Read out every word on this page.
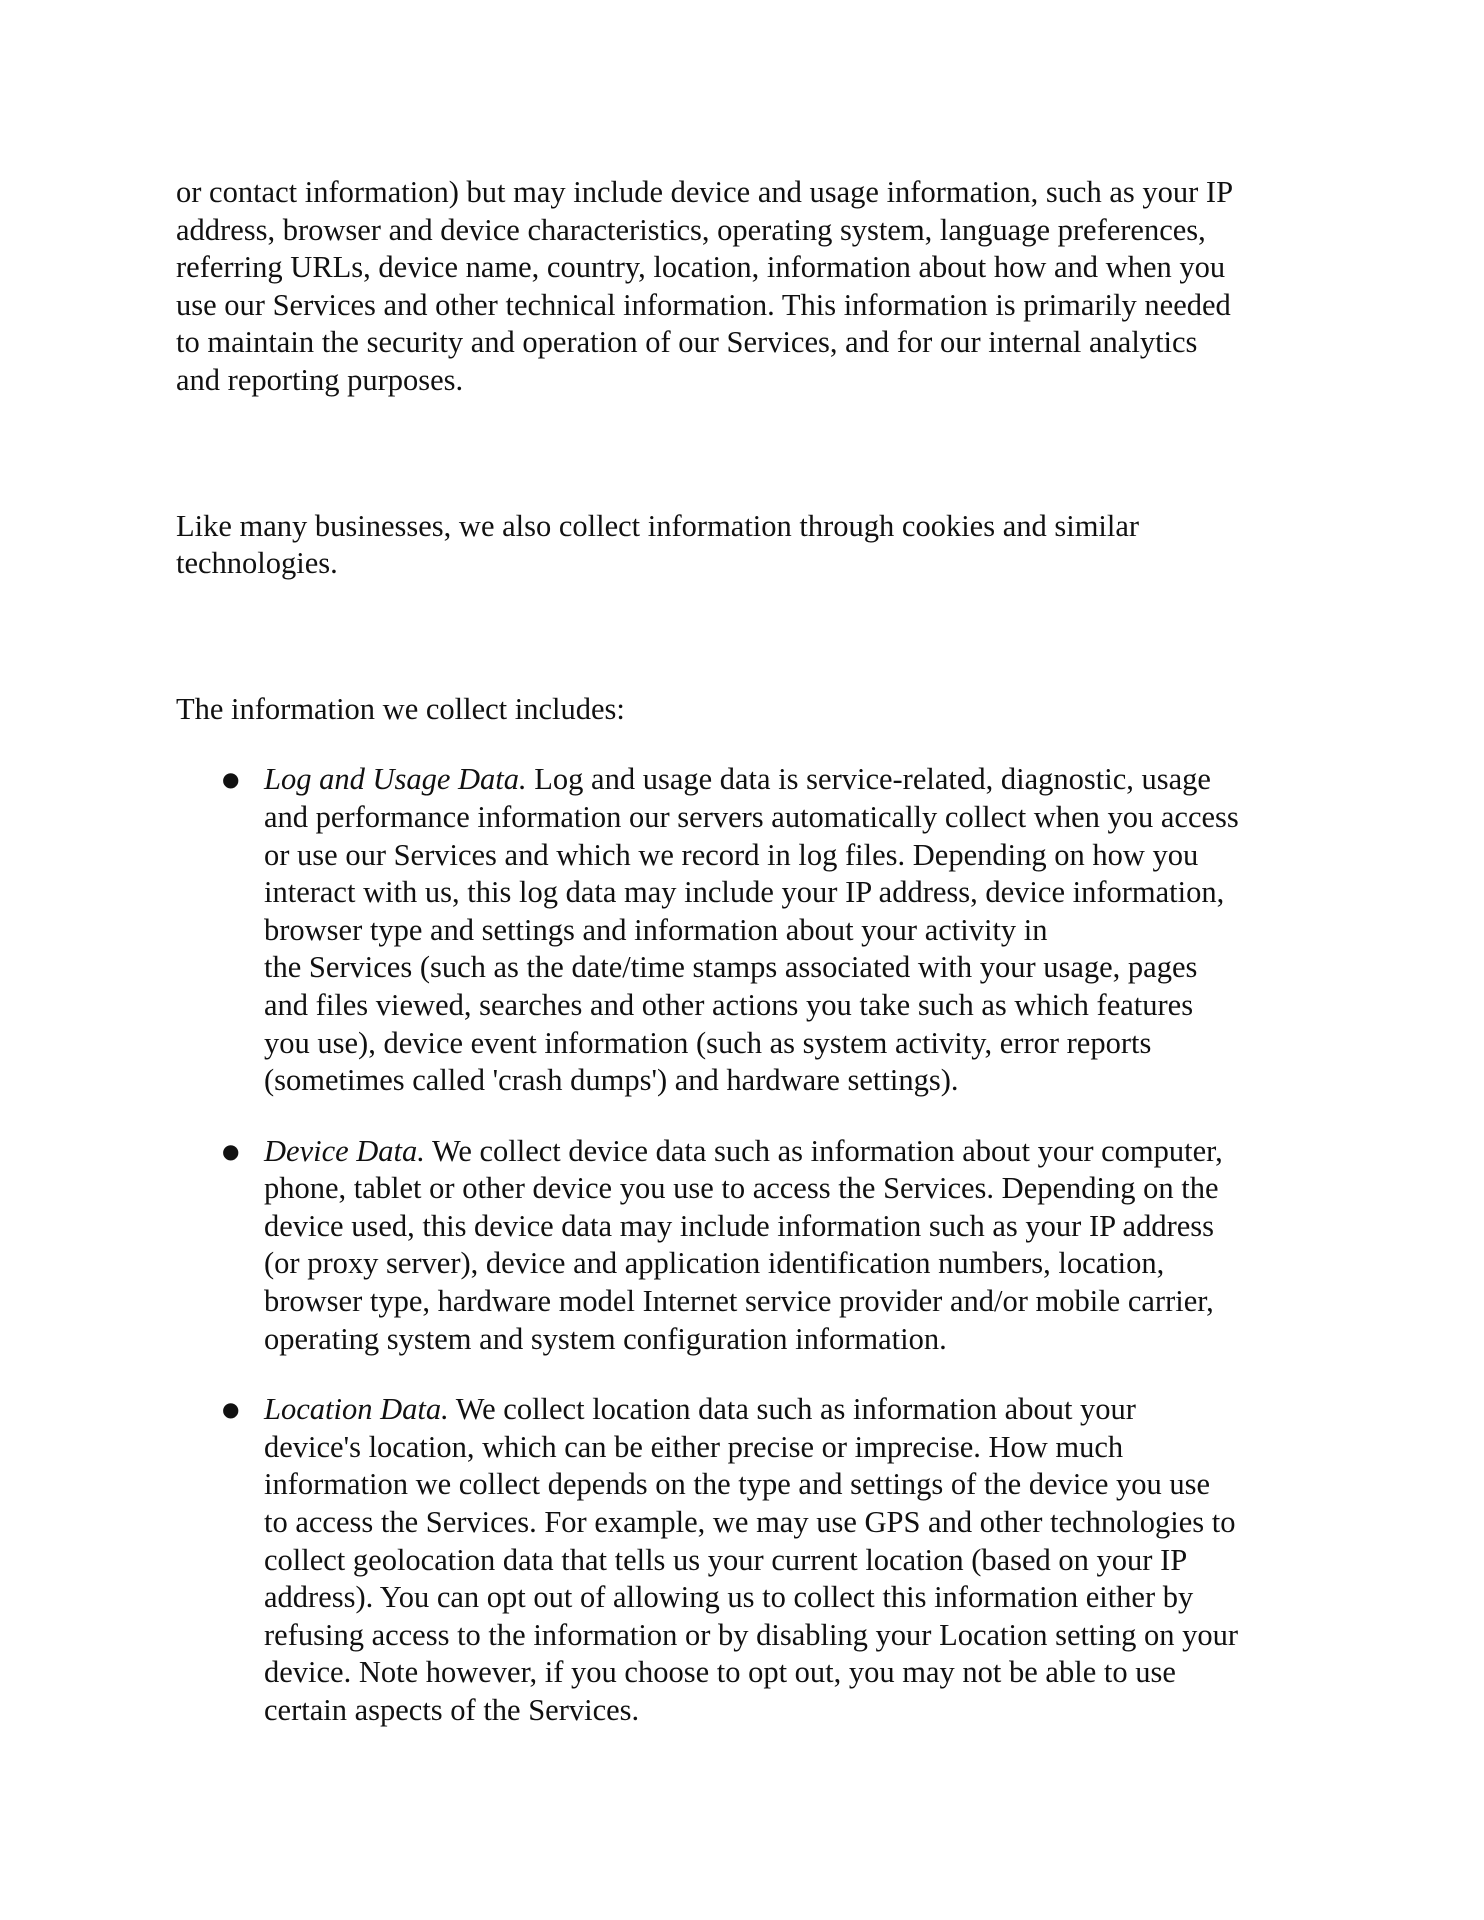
or contact information) but may include device and usage information, such as your IP
address, browser and device characteristics, operating system, language preferences,
referring URLs, device name, country, location, information about how and when you
use our Services and other technical information. This information is primarily needed
to maintain the security and operation of our Services, and for our internal analytics
and reporting purposes.

Like many businesses, we also collect information through cookies and similar
technologies.

The information we collect includes:

● Log and Usage Data. Log and usage data is service-related, diagnostic, usage
and performance information our servers automatically collect when you access
or use our Services and which we record in log files. Depending on how you
interact with us, this log data may include your IP address, device information,
browser type and settings and information about your activity in
the Services (such as the date/time stamps associated with your usage, pages
and files viewed, searches and other actions you take such as which features
you use), device event information (such as system activity, error reports
(sometimes called 'crash dumps') and hardware settings).
● Device Data. We collect device data such as information about your computer,
phone, tablet or other device you use to access the Services. Depending on the
device used, this device data may include information such as your IP address
(or proxy server), device and application identification numbers, location,
browser type, hardware model Internet service provider and/or mobile carrier,
operating system and system configuration information.
● Location Data. We collect location data such as information about your
device's location, which can be either precise or imprecise. How much
information we collect depends on the type and settings of the device you use
to access the Services. For example, we may use GPS and other technologies to
collect geolocation data that tells us your current location (based on your IP
address). You can opt out of allowing us to collect this information either by
refusing access to the information or by disabling your Location setting on your
device. Note however, if you choose to opt out, you may not be able to use
certain aspects of the Services.
